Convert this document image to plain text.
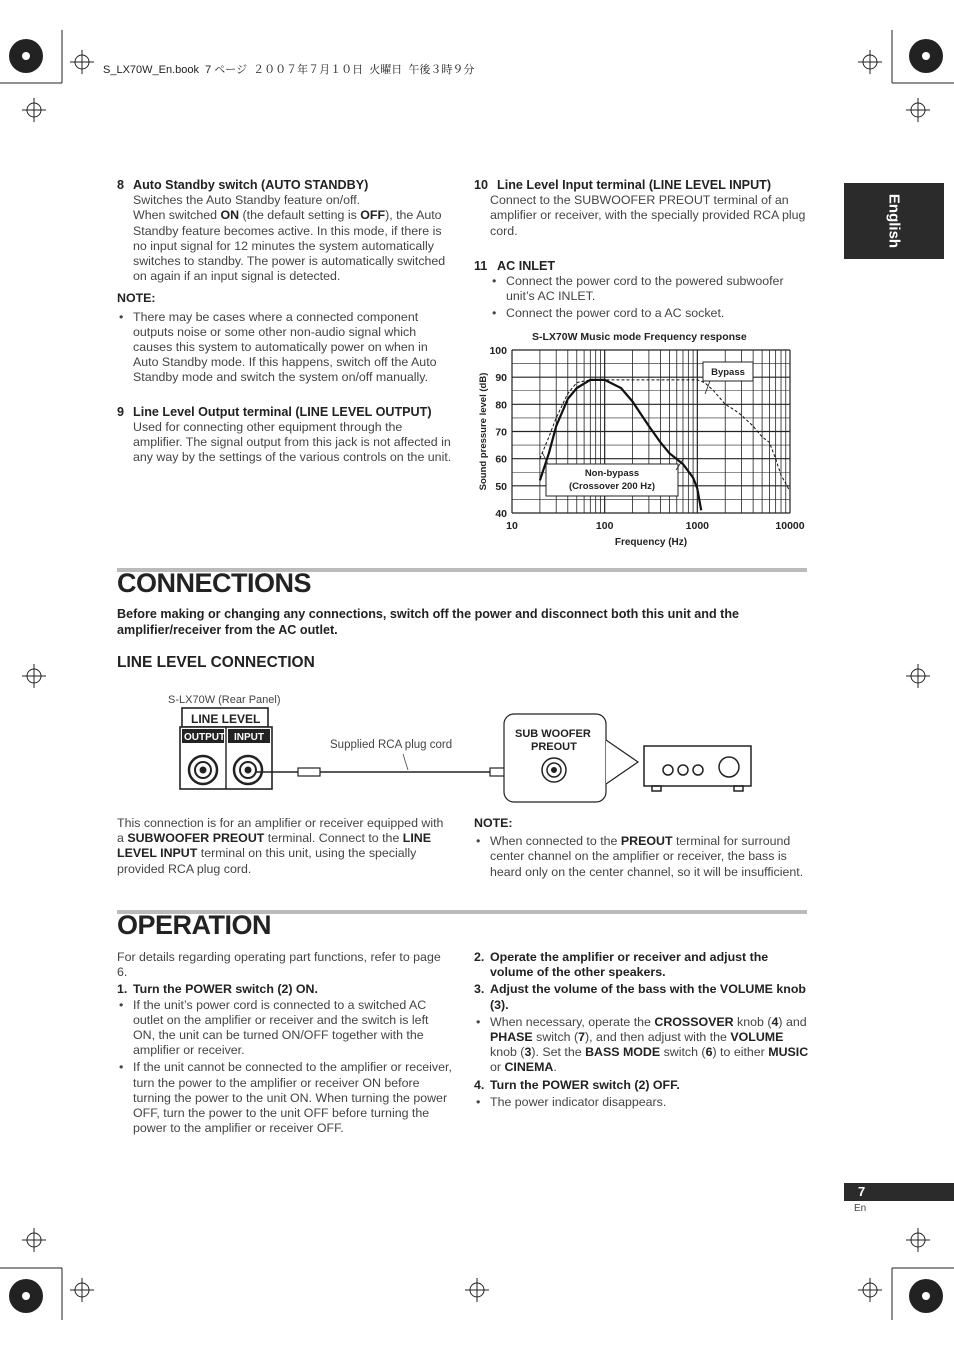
S_LX70W_En.book  7 ページ  ２００７年７月１０日  火曜日  午後３時９分
English
8 Auto Standby switch (AUTO STANDBY)
Switches the Auto Standby feature on/off.
When switched ON (the default setting is OFF), the Auto Standby feature becomes active. In this mode, if there is no input signal for 12 minutes the system automatically switches to standby. The power is automatically switched on again if an input signal is detected.
NOTE:
• There may be cases where a connected component outputs noise or some other non-audio signal which causes this system to automatically power on when in Auto Standby mode. If this happens, switch off the Auto Standby mode and switch the system on/off manually.
9 Line Level Output terminal (LINE LEVEL OUTPUT)
Used for connecting other equipment through the amplifier. The signal output from this jack is not affected in any way by the settings of the various controls on the unit.
10 Line Level Input terminal (LINE LEVEL INPUT)
Connect to the SUBWOOFER PREOUT terminal of an amplifier or receiver, with the specially provided RCA plug cord.
11 AC INLET
• Connect the power cord to the powered subwoofer unit’s AC INLET.
• Connect the power cord to a AC socket.
S-LX70W Music mode Frequency response
100
90
80
70
60
50
40
10	100	1000	10000
Frequency (Hz)
Sound pressure level (dB)
Bypass
Non-bypass
(Crossover 200 Hz)
CONNECTIONS
Before making or changing any connections, switch off the power and disconnect both this unit and the amplifier/receiver from the AC outlet.
LINE LEVEL CONNECTION
S-LX70W (Rear Panel)
LINE LEVEL
OUTPUT INPUT
Supplied RCA plug cord
SUB WOOFER
PREOUT
This connection is for an amplifier or receiver equipped with a SUBWOOFER PREOUT terminal. Connect to the LINE LEVEL INPUT terminal on this unit, using the specially provided RCA plug cord.
NOTE:
• When connected to the PREOUT terminal for surround center channel on the amplifier or receiver, the bass is heard only on the center channel, so it will be insufficient.
OPERATION
For details regarding operating part functions, refer to page 6.
1. Turn the POWER switch (2) ON.
• If the unit’s power cord is connected to a switched AC outlet on the amplifier or receiver and the switch is left ON, the unit can be turned ON/OFF together with the amplifier or receiver.
• If the unit cannot be connected to the amplifier or receiver, turn the power to the amplifier or receiver ON before turning the power to the unit ON. When turning the power OFF, turn the power to the unit OFF before turning the power to the amplifier or receiver OFF.
2. Operate the amplifier or receiver and adjust the volume of the other speakers.
3. Adjust the volume of the bass with the VOLUME knob (3).
• When necessary, operate the CROSSOVER knob (4) and PHASE switch (7), and then adjust with the VOLUME knob (3). Set the BASS MODE switch (6) to either MUSIC or CINEMA.
4. Turn the POWER switch (2) OFF.
• The power indicator disappears.
7
En
